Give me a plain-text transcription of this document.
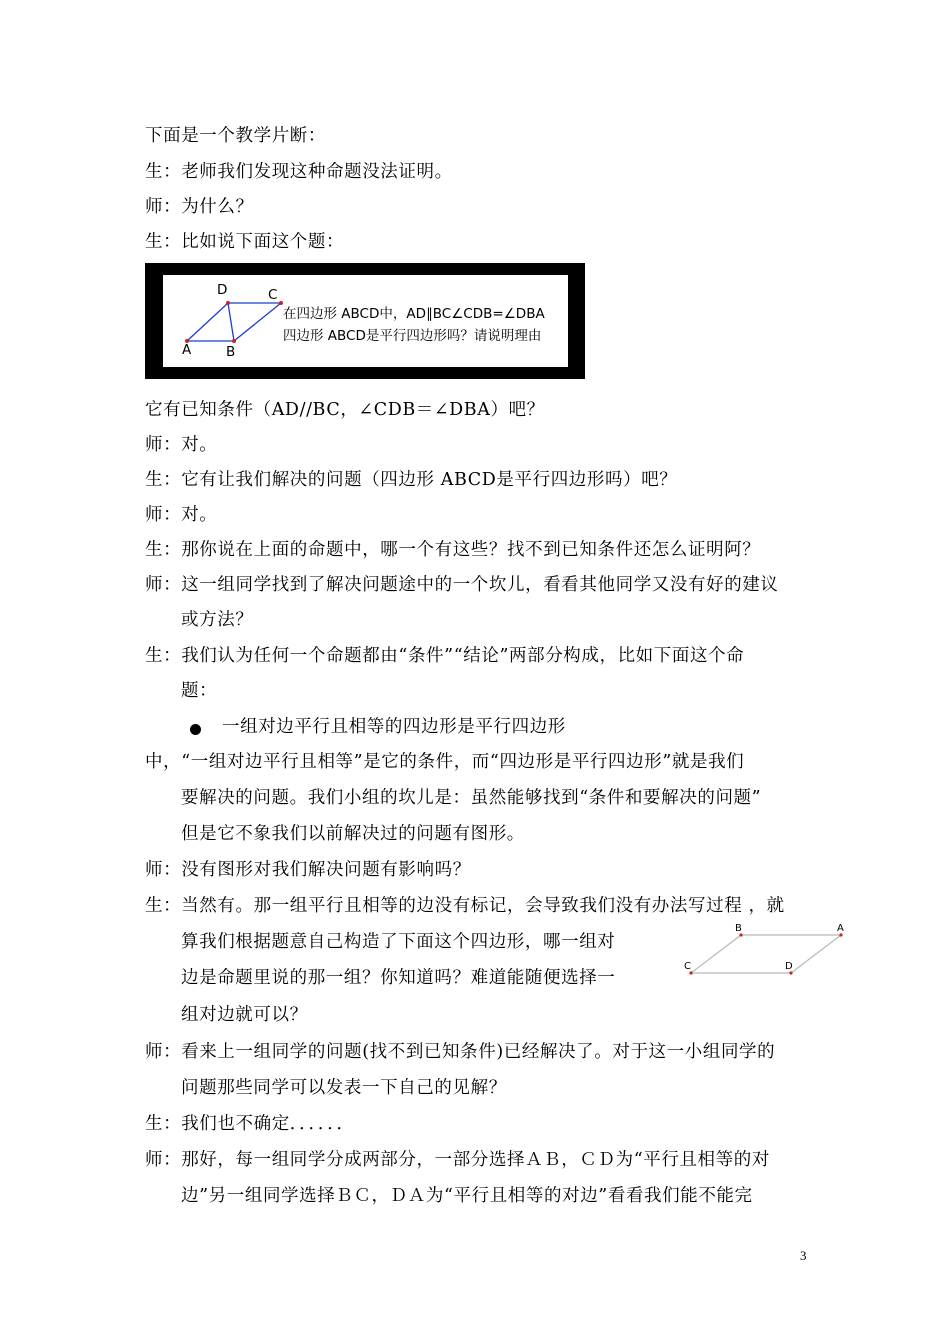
下面是一个教学片断：
生：老师我们发现这种命题没法证明。
师：为什么？
生：比如说下面这个题：
A	B
D	C
在四边形 ABCD中，AD∥BC∠CDB=∠DBA
四边形 ABCD是平行四边形吗？请说明理由
它有已知条件（AD//BC，∠CDB＝∠DBA）吧？
师：对。
生：它有让我们解决的问题（四边形 ABCD是平行四边形吗）吧？
师：对。
生：那你说在上面的命题中，哪一个有这些？找不到已知条件还怎么证明阿？
师：这一组同学找到了解决问题途中的一个坎儿，看看其他同学又没有好的建议
或方法？
生：我们认为任何一个命题都由“条件”“结论”两部分构成，比如下面这个命
题：
一组对边平行且相等的四边形是平行四边形
中，“一组对边平行且相等”是它的条件，而“四边形是平行四边形”就是我们
要解决的问题。我们小组的坎儿是：虽然能够找到“条件和要解决的问题”
但是它不象我们以前解决过的问题有图形。
师：没有图形对我们解决问题有影响吗？
生：当然有。那一组平行且相等的边没有标记，会导致我们没有办法写过程 ，就
算我们根据题意自己构造了下面这个四边形，哪一组对
边是命题里说的那一组？你知道吗？难道能随便选择一
组对边就可以？
B	A
D
C
师：看来上一组同学的问题(找不到已知条件)已经解决了。对于这一小组同学的
问题那些同学可以发表一下自己的见解？
生：我们也不确定．．．．．．
师：那好，每一组同学分成两部分，一部分选择ＡＢ，ＣＤ为“平行且相等的对
边”另一组同学选择ＢＣ，ＤＡ为“平行且相等的对边”看看我们能不能完
3
